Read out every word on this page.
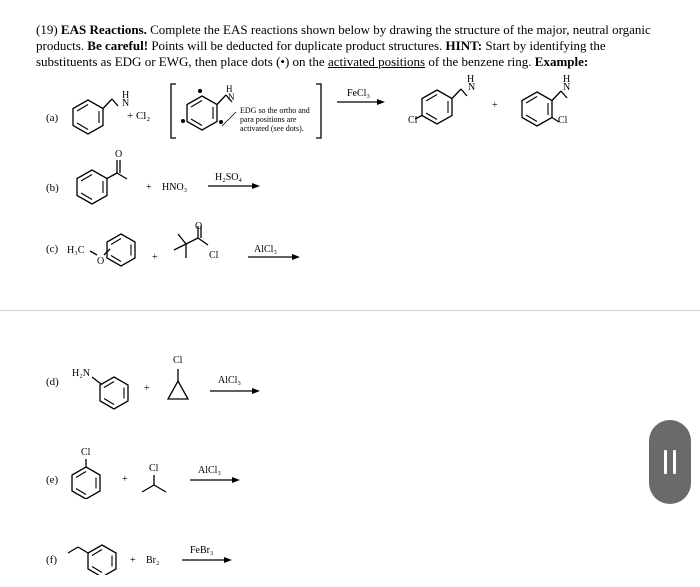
(19) EAS Reactions. Complete the EAS reactions shown below by drawing the structure of the major, neutral organic
products. Be careful! Points will be deducted for duplicate product structures. HINT: Start by identifying the
substituents as EDG or EWG, then place dots (•) on the activated positions of the benzene ring. Example:
(a)
H
N
+ Cl₂
H
N
EDG so the ortho and
para positions are
activated (see dots).
FeCl₃
H
N
Cl
+
H
N
Cl
(b)
O
+ HNO₃
H₂SO₄
(c) H₃C
O	+
O
Cl
AlCl₃
(d)
H₂N
+
Cl
AlCl₃
(e)
Cl
+
Cl	AlCl₃
(f)	+ Br₂
FeBr₃
